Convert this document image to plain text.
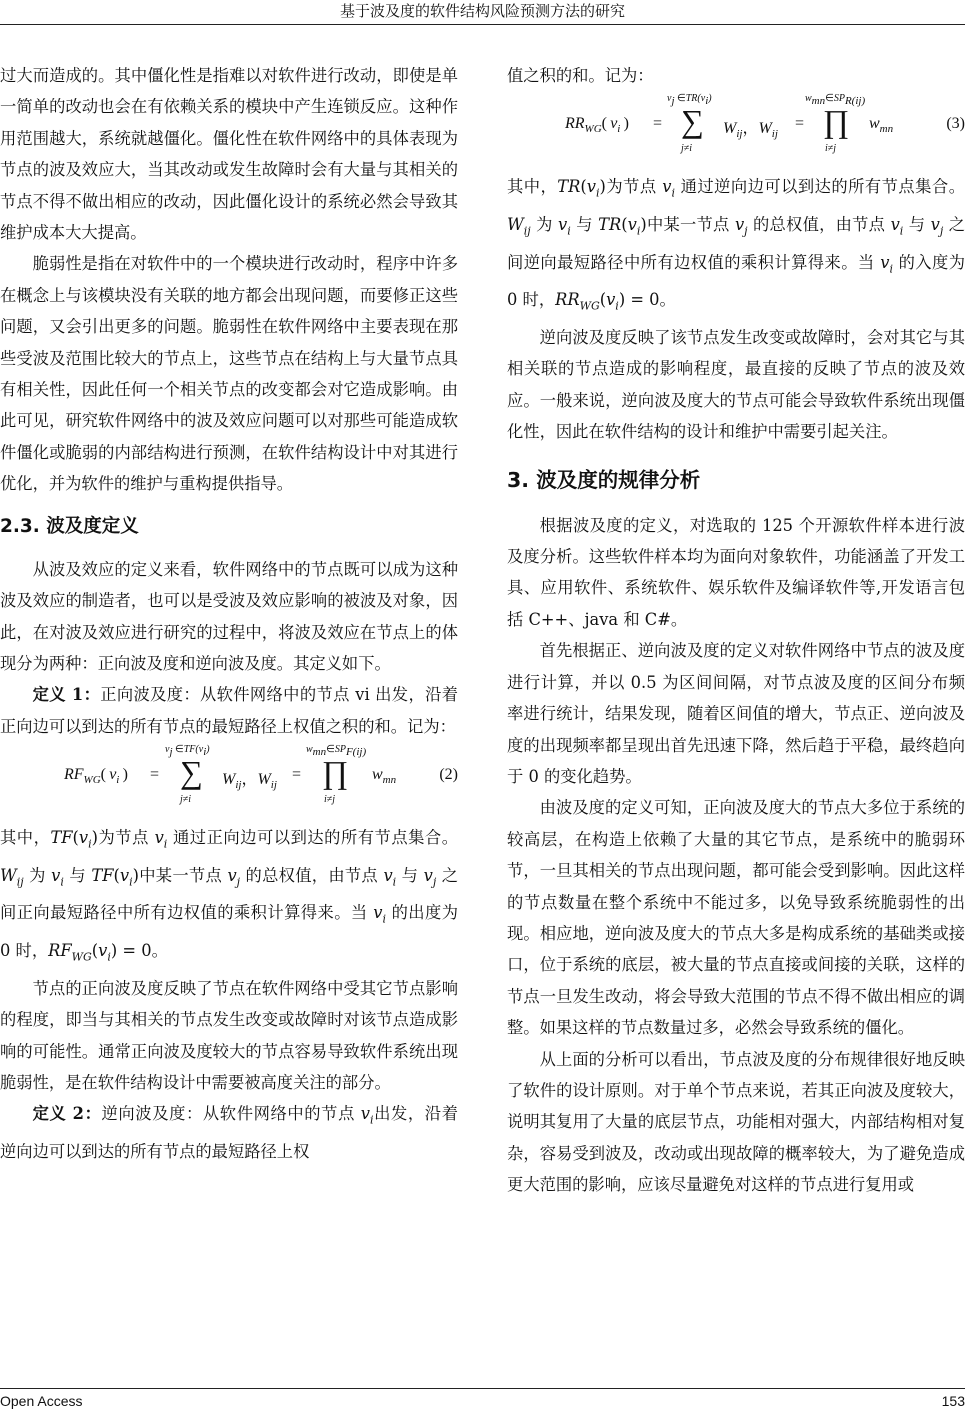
基于波及度的软件结构风险预测方法的研究

过大而造成的。其中僵化性是指难以对软件进行改动，即使是单一简单的改动也会在有依赖关系的模块中产生连锁反应。这种作用范围越大，系统就越僵化。僵化性在软件网络中的具体表现为节点的波及效应大，当其改动或发生故障时会有大量与其相关的节点不得不做出相应的改动，因此僵化设计的系统必然会导致其维护成本大大提高。

脆弱性是指在对软件中的一个模块进行改动时，程序中许多在概念上与该模块没有关联的地方都会出现问题，而要修正这些问题，又会引出更多的问题。脆弱性在软件网络中主要表现在那些受波及范围比较大的节点上，这些节点在结构上与大量节点具有相关性，因此任何一个相关节点的改变都会对它造成影响。由此可见，研究软件网络中的波及效应问题可以对那些可能造成软件僵化或脆弱的内部结构进行预测，在软件结构设计中对其进行优化，并为软件的维护与重构提供指导。

2.3. 波及度定义

从波及效应的定义来看，软件网络中的节点既可以成为这种波及效应的制造者，也可以是受波及效应影响的被波及对象，因此，在对波及效应进行研究的过程中，将波及效应在节点上的体现分为两种：正向波及度和逆向波及度。其定义如下。

定义 1：正向波及度：从软件网络中的节点 vi 出发，沿着正向边可以到达的所有节点的最短路径上权值之积的和。记为：

$RF_{WG}$(  $v_i$  ) =
$v_j$ $\in TF(v_i)$
∑
j≠i
$W_{ij}$，$W_{ij}$
=
$w_{mn}\in SP_{F(ij)}$
∏
i≠j
$w_{mn}$	(2)

其中，$TF(v_i)$为节点 $v_i$ 通过正向边可以到达的所有节点集合。$W_{ij}$ 为 $v_i$ 与 $TF(v_i)$中某一节点 $v_j$ 的总权值，由节点 $v_i$ 与 $v_j$ 之间正向最短路径中所有边权值的乘积计算得来。当 $v_i$ 的出度为 0 时，$RF_{WG}(v_i) = 0$。

节点的正向波及度反映了节点在软件网络中受其它节点影响的程度，即当与其相关的节点发生改变或故障时对该节点造成影响的可能性。通常正向波及度较大的节点容易导致软件系统出现脆弱性，是在软件结构设计中需要被高度关注的部分。

定义 2：逆向波及度：从软件网络中的节点 $v_i$出发，沿着逆向边可以到达的所有节点的最短路径上权

值之积的和。记为：

$RR_{WG}$(  $v_i$  ) =
$v_j$ $\in TR(v_i)$
∑
j≠i
$W_{ij}$，$W_{ij}$
=
$w_{mn}\in SP_{R(ij)}$
∏
i≠j
$w_{mn}$	(3)

其中，$TR(v_i)$为节点 $v_i$ 通过逆向边可以到达的所有节点集合。$W_{ij}$ 为 $v_i$ 与 $TR(v_i)$中某一节点 $v_j$ 的总权值，由节点 $v_i$ 与 $v_j$ 之间逆向最短路径中所有边权值的乘积计算得来。当 $v_i$ 的入度为 0 时，$RR_{WG}(v_i) = 0$。

逆向波及度反映了该节点发生改变或故障时，会对其它与其相关联的节点造成的影响程度，最直接的反映了节点的波及效应。一般来说，逆向波及度大的节点可能会导致软件系统出现僵化性，因此在软件结构的设计和维护中需要引起关注。

3. 波及度的规律分析

根据波及度的定义，对选取的 125 个开源软件样本进行波及度分析。这些软件样本均为面向对象软件，功能涵盖了开发工具、应用软件、系统软件、娱乐软件及编译软件等,开发语言包括 C++、java 和 C#。

首先根据正、逆向波及度的定义对软件网络中节点的波及度进行计算，并以 0.5 为区间间隔，对节点波及度的区间分布频率进行统计，结果发现，随着区间值的增大，节点正、逆向波及度的出现频率都呈现出首先迅速下降，然后趋于平稳，最终趋向于 0 的变化趋势。

由波及度的定义可知，正向波及度大的节点大多位于系统的较高层，在构造上依赖了大量的其它节点，是系统中的脆弱环节，一旦其相关的节点出现问题，都可能会受到影响。因此这样的节点数量在整个系统中不能过多，以免导致系统脆弱性的出现。相应地，逆向波及度大的节点大多是构成系统的基础类或接口，位于系统的底层，被大量的节点直接或间接的关联，这样的节点一旦发生改动，将会导致大范围的节点不得不做出相应的调整。如果这样的节点数量过多，必然会导致系统的僵化。

从上面的分析可以看出，节点波及度的分布规律很好地反映了软件的设计原则。对于单个节点来说，若其正向波及度较大，说明其复用了大量的底层节点，功能相对强大，内部结构相对复杂，容易受到波及，改动或出现故障的概率较大，为了避免造成更大范围的影响，应该尽量避免对这样的节点进行复用或

Open Access	153
